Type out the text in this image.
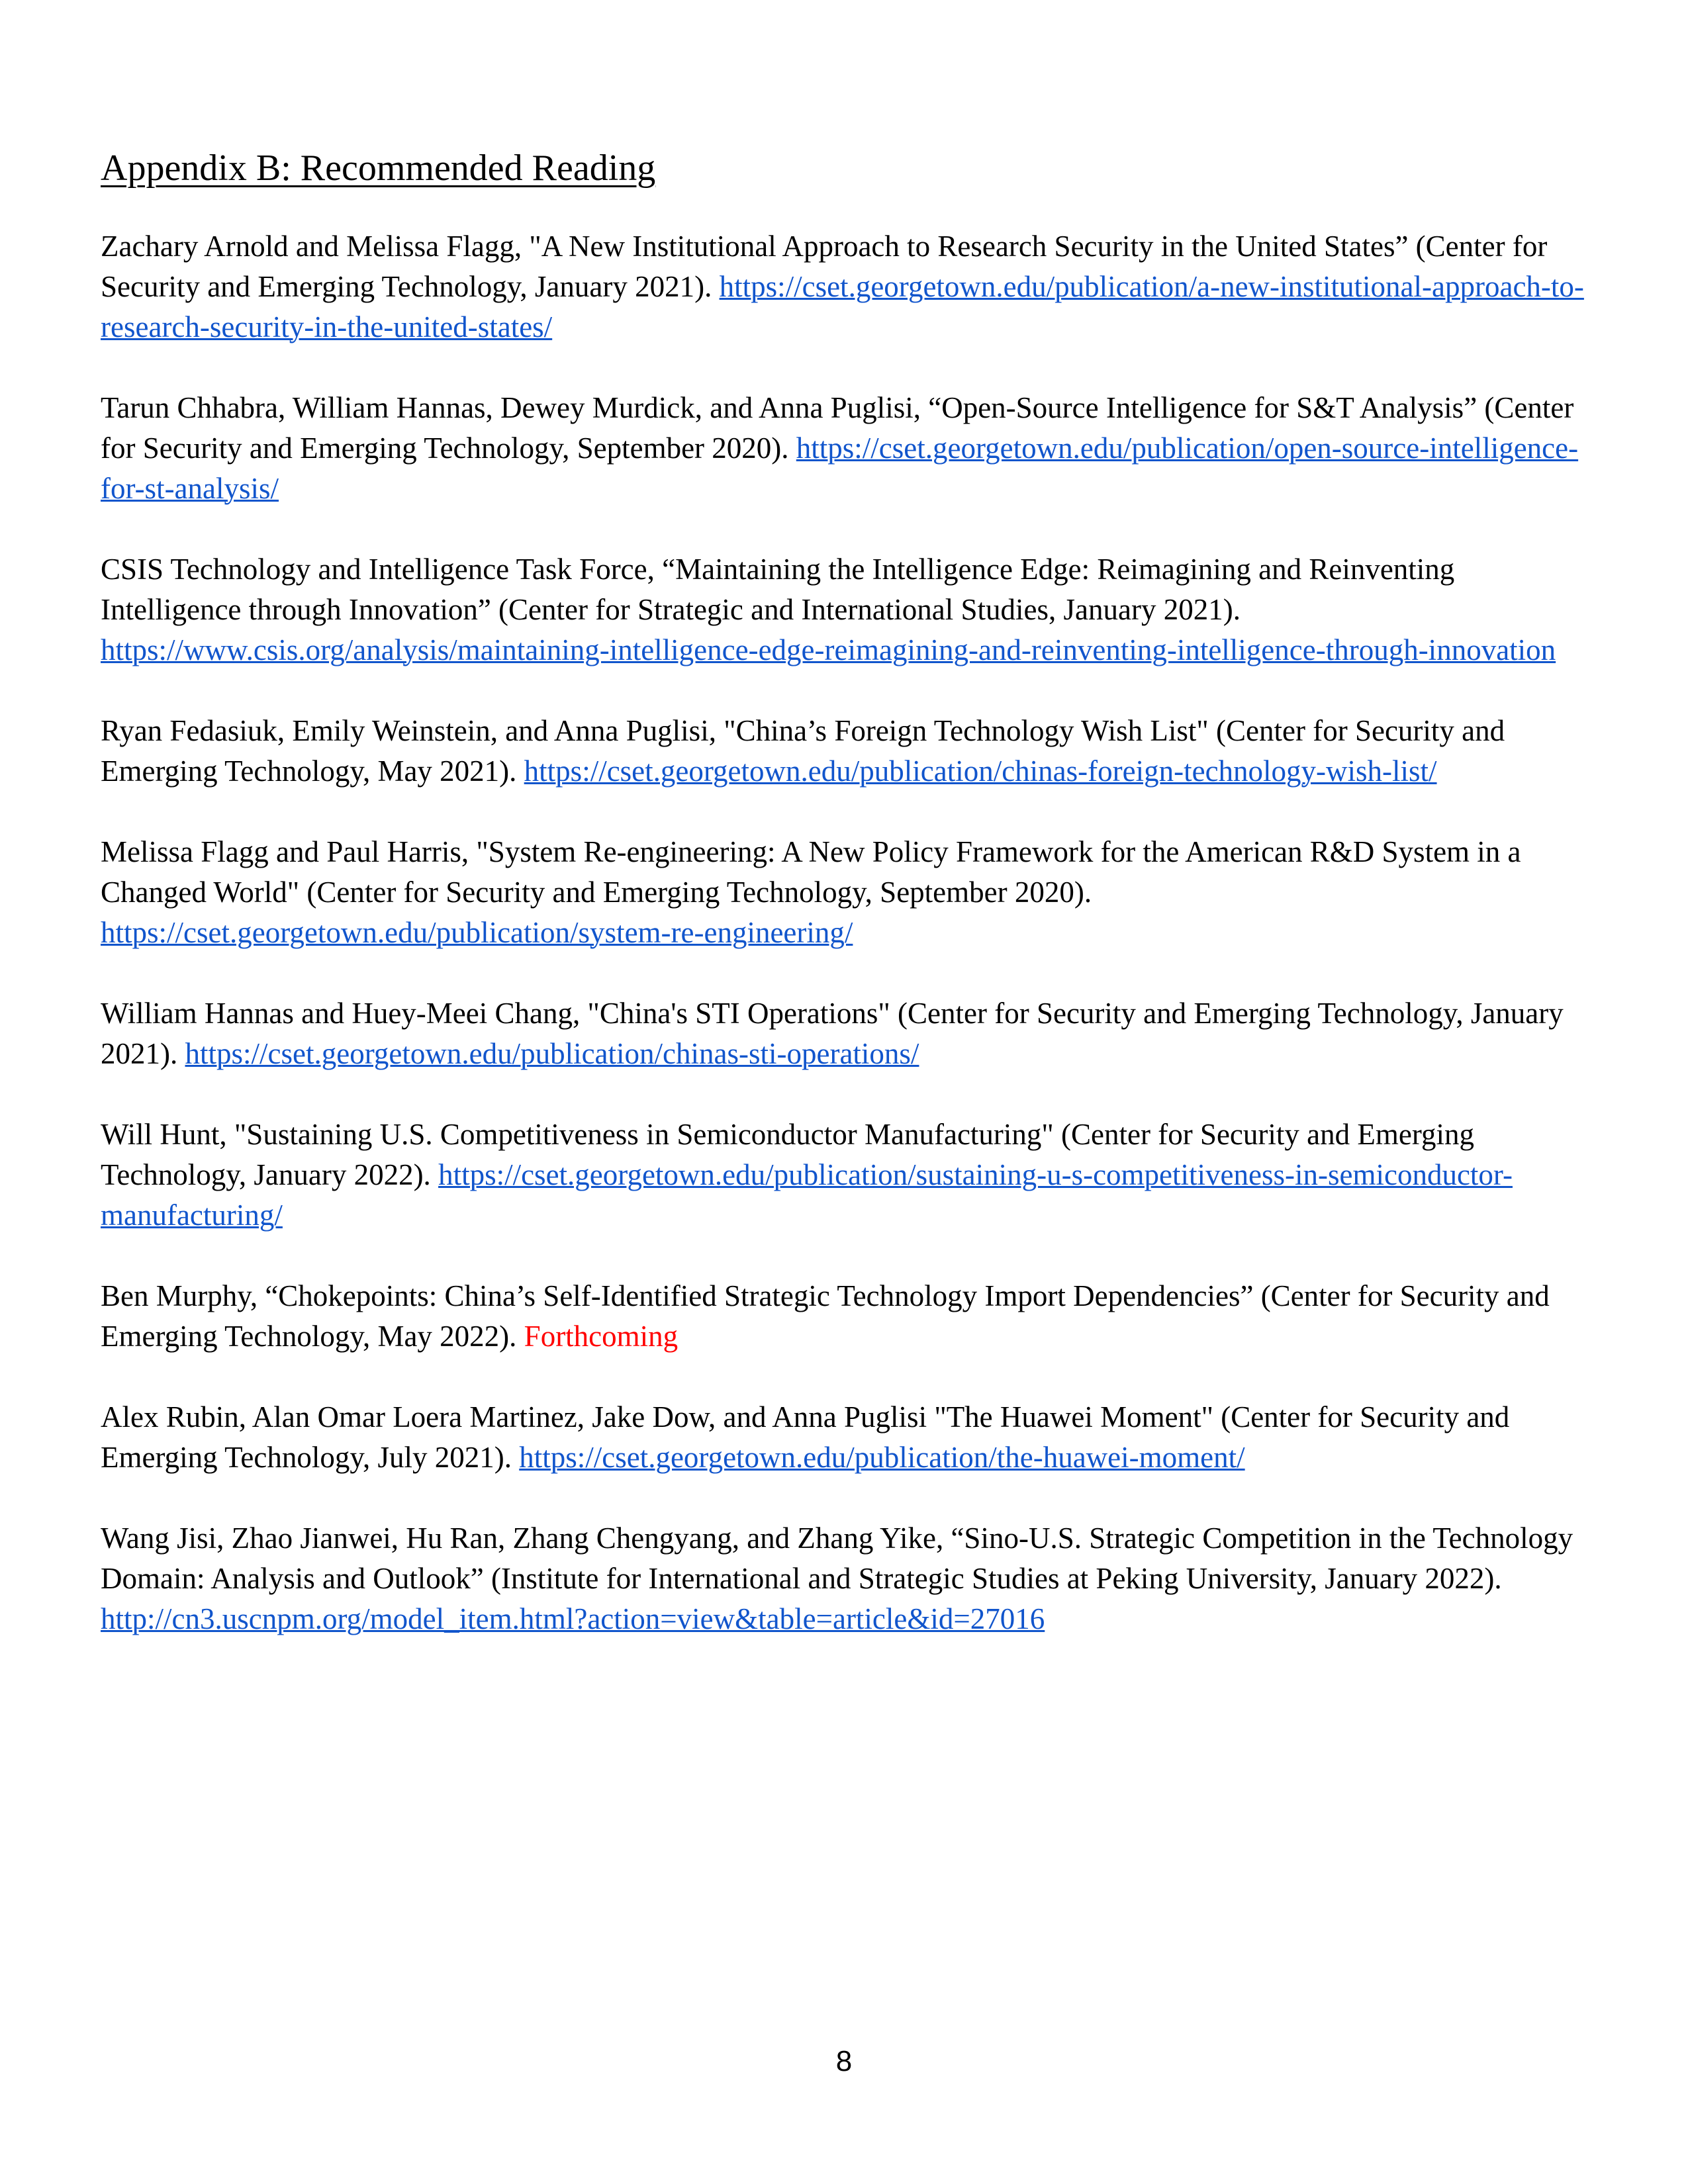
Appendix B: Recommended Reading

Zachary Arnold and Melissa Flagg, "A New Institutional Approach to Research Security in the United States” (Center for Security and Emerging Technology, January 2021). https://cset.georgetown.edu/publication/a-new-institutional-approach-to-research-security-in-the-united-states/

Tarun Chhabra, William Hannas, Dewey Murdick, and Anna Puglisi, “Open-Source Intelligence for S&T Analysis” (Center for Security and Emerging Technology, September 2020). https://cset.georgetown.edu/publication/open-source-intelligence-for-st-analysis/

CSIS Technology and Intelligence Task Force, “Maintaining the Intelligence Edge: Reimagining and Reinventing Intelligence through Innovation” (Center for Strategic and International Studies, January 2021). https://www.csis.org/analysis/maintaining-intelligence-edge-reimagining-and-reinventing-intelligence-through-innovation

Ryan Fedasiuk, Emily Weinstein, and Anna Puglisi, "China’s Foreign Technology Wish List" (Center for Security and Emerging Technology, May 2021). https://cset.georgetown.edu/publication/chinas-foreign-technology-wish-list/

Melissa Flagg and Paul Harris, "System Re-engineering: A New Policy Framework for the American R&D System in a Changed World" (Center for Security and Emerging Technology, September 2020). https://cset.georgetown.edu/publication/system-re-engineering/

William Hannas and Huey-Meei Chang, "China's STI Operations" (Center for Security and Emerging Technology, January 2021). https://cset.georgetown.edu/publication/chinas-sti-operations/

Will Hunt, "Sustaining U.S. Competitiveness in Semiconductor Manufacturing" (Center for Security and Emerging Technology, January 2022). https://cset.georgetown.edu/publication/sustaining-u-s-competitiveness-in-semiconductor-manufacturing/

Ben Murphy, “Chokepoints: China’s Self-Identified Strategic Technology Import Dependencies” (Center for Security and Emerging Technology, May 2022). Forthcoming

Alex Rubin, Alan Omar Loera Martinez, Jake Dow, and Anna Puglisi "The Huawei Moment" (Center for Security and Emerging Technology, July 2021). https://cset.georgetown.edu/publication/the-huawei-moment/

Wang Jisi, Zhao Jianwei, Hu Ran, Zhang Chengyang, and Zhang Yike, “Sino-U.S. Strategic Competition in the Technology Domain: Analysis and Outlook” (Institute for International and Strategic Studies at Peking University, January 2022). http://cn3.uscnpm.org/model_item.html?action=view&table=article&id=27016

8
